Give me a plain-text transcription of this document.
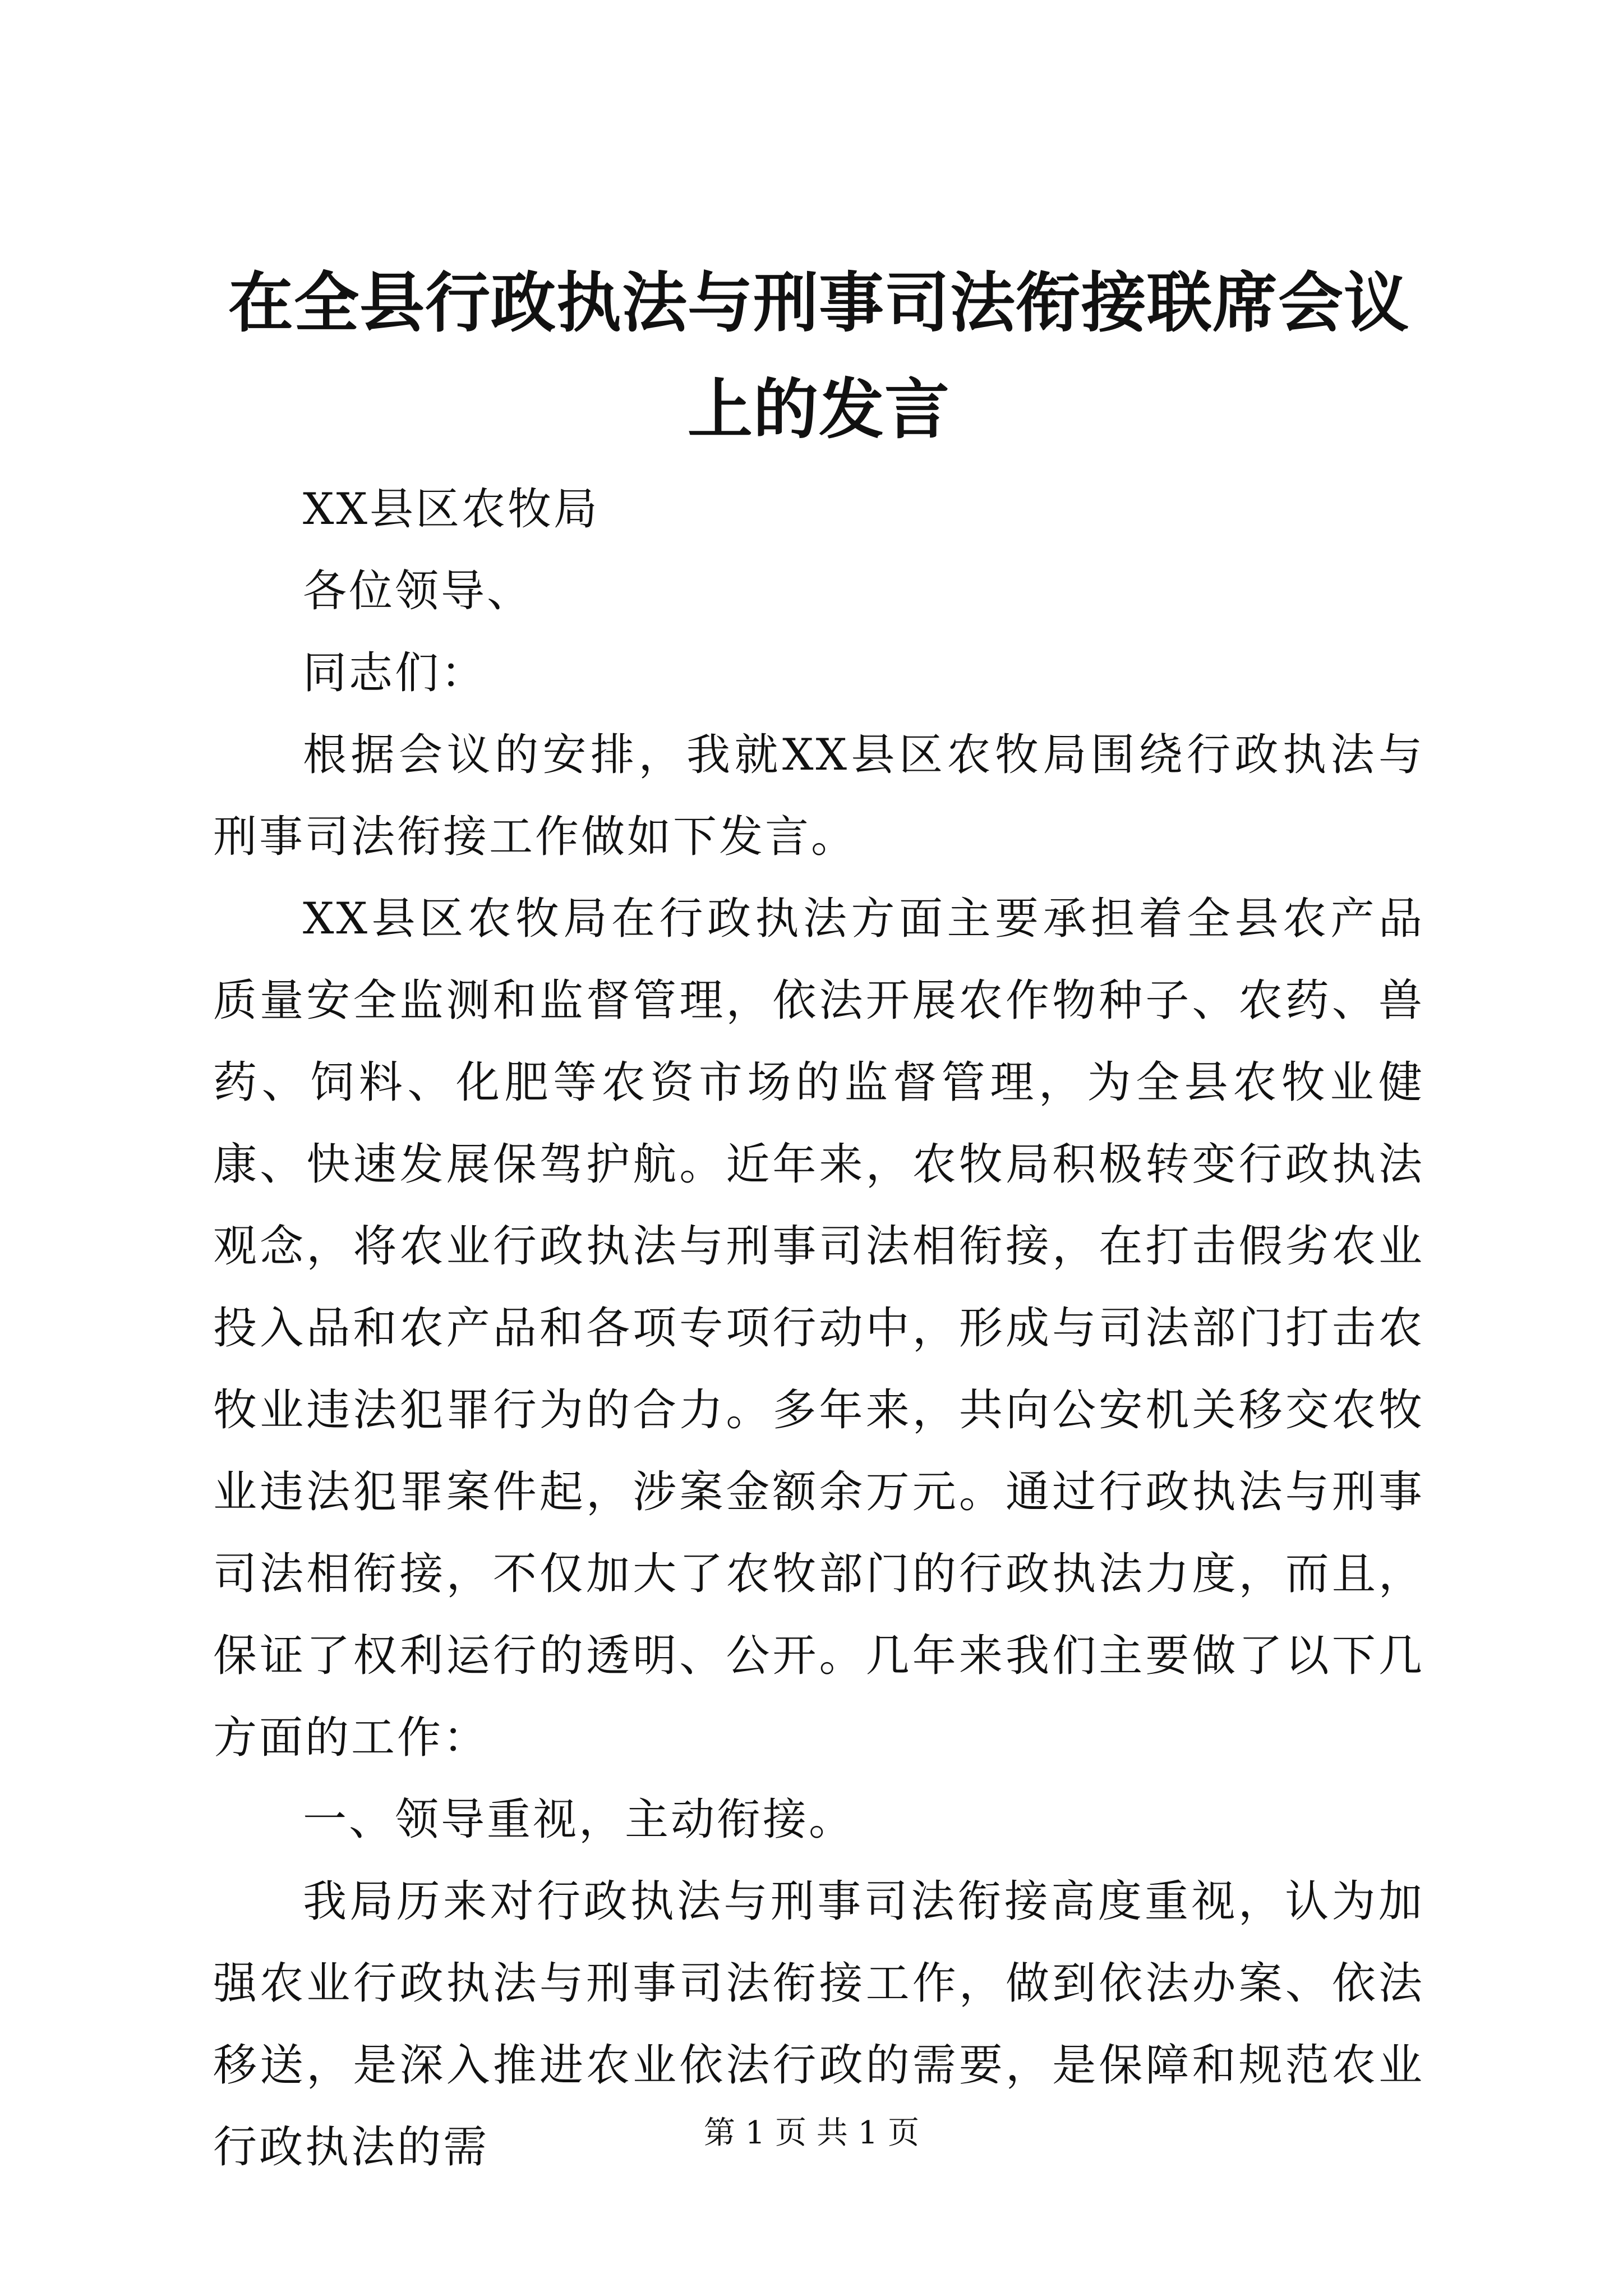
在全县行政执法与刑事司法衔接联席会议上的发言

XX县区农牧局

各位领导、

同志们：

根据会议的安排，我就XX县区农牧局围绕行政执法与刑事司法衔接工作做如下发言。

XX县区农牧局在行政执法方面主要承担着全县农产品质量安全监测和监督管理，依法开展农作物种子、农药、兽药、饲料、化肥等农资市场的监督管理，为全县农牧业健康、快速发展保驾护航。近年来，农牧局积极转变行政执法观念，将农业行政执法与刑事司法相衔接，在打击假劣农业投入品和农产品和各项专项行动中，形成与司法部门打击农牧业违法犯罪行为的合力。多年来，共向公安机关移交农牧业违法犯罪案件起，涉案金额余万元。通过行政执法与刑事司法相衔接，不仅加大了农牧部门的行政执法力度，而且，保证了权利运行的透明、公开。几年来我们主要做了以下几方面的工作：

一、领导重视，主动衔接。

我局历来对行政执法与刑事司法衔接高度重视，认为加强农业行政执法与刑事司法衔接工作，做到依法办案、依法移送，是深入推进农业依法行政的需要，是保障和规范农业行政执法的需	第 1 页 共 1 页
